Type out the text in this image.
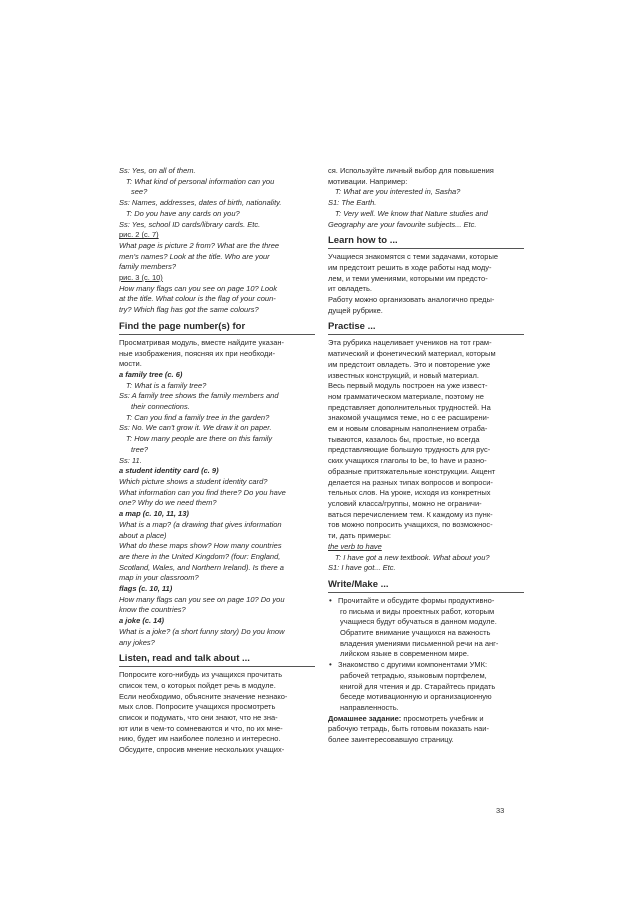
Ss: Yes, on all of them.
T: What kind of personal information can you
see?
Ss: Names, addresses, dates of birth, nationality.
T: Do you have any cards on you?
Ss: Yes, school ID cards/library cards. Etc.
рис. 2 (с. 7)
What page is picture 2 from? What are the three
men's names? Look at the title. Who are your
family members?
рис. 3 (с. 10)
How many flags can you see on page 10? Look
at the title. What colour is the flag of your coun-
try? Which flag has got the same colours?
Find the page number(s) for
Просматривая модуль, вместе найдите указан-
ные изображения, поясняя их при необходи-
мости.
a family tree (c. 6)
T: What is a family tree?
Ss: A family tree shows the family members and
their connections.
T: Can you find a family tree in the garden?
Ss: No. We can't grow it. We draw it on paper.
T: How many people are there on this family
tree?
Ss: 11.
a student identity card (c. 9)
Which picture shows a student identity card?
What information can you find there? Do you have
one? Why do we need them?
a map (c. 10, 11, 13)
What is a map? (a drawing that gives information
about a place)
What do these maps show? How many countries
are there in the United Kingdom? (four: England,
Scotland, Wales, and Northern Ireland). Is there a
map in your classroom?
flags (c. 10, 11)
How many flags can you see on page 10? Do you
know the countries?
a joke (c. 14)
What is a joke? (a short funny story) Do you know
any jokes?
Listen, read and talk about ...
Попросите кого-нибудь из учащихся прочитать
список тем, о которых пойдет речь в модуле.
Если необходимо, объясните значение незнако-
мых слов. Попросите учащихся просмотреть
список и подумать, что они знают, что не зна-
ют или в чем-то сомневаются и что, по их мне-
нию, будет им наиболее полезно и интересно.
Обсудите, спросив мнение нескольких учащих-
ся. Используйте личный выбор для повышения
мотивации. Например:
T: What are you interested in, Sasha?
S1: The Earth.
T: Very well. We know that Nature studies and
Geography are your favourite subjects... Etc.
Learn how to ...
Учащиеся знакомятся с теми задачами, которые
им предстоит решить в ходе работы над моду-
лем, и теми умениями, которыми им предсто-
ит овладеть.
Работу можно организовать аналогично преды-
дущей рубрике.
Practise ...
Эта рубрика нацеливает учеников на тот грам-
матический и фонетический материал, которым
им предстоит овладеть. Это и повторение уже
известных конструкций, и новый материал.
Весь первый модуль построен на уже извест-
ном грамматическом материале, поэтому не
представляет дополнительных трудностей. На
знакомой учащимся теме, но с ее расширени-
ем и новым словарным наполнением отраба-
тываются, казалось бы, простые, но всегда
представляющие большую трудность для рус-
ских учащихся глаголы to be, to have и разно-
образные притяжательные конструкции. Акцент
делается на разных типах вопросов и вопроси-
тельных слов. На уроке, исходя из конкретных
условий класса/группы, можно не ограничи-
ваться перечислением тем. К каждому из пунк-
тов можно попросить учащихся, по возможнос-
ти, дать примеры:
the verb to have
T: I have got a new textbook. What about you?
S1: I have got... Etc.
Write/Make ...
• Прочитайте и обсудите формы продуктивно-
го письма и виды проектных работ, которым
учащиеся будут обучаться в данном модуле.
Обратите внимание учащихся на важность
владения умениями письменной речи на анг-
лийском языке в современном мире.
• Знакомство с другими компонентами УМК:
рабочей тетрадью, языковым портфелем,
книгой для чтения и др. Старайтесь придать
беседе мотивационную и организационную
направленность.
Домашнее задание: просмотреть учебник и
рабочую тетрадь, быть готовым показать наи-
более заинтересовавшую страницу.
33
